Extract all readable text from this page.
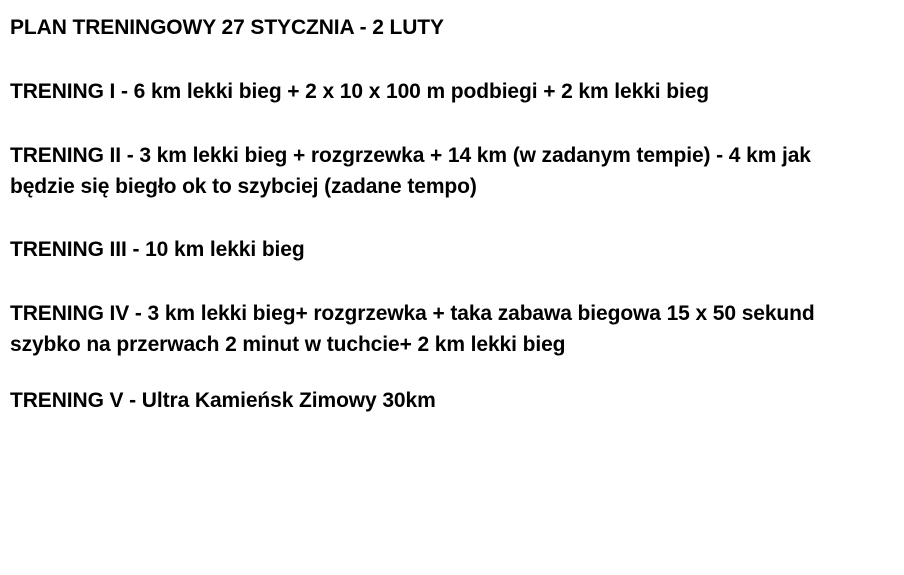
PLAN TRENINGOWY 27 STYCZNIA - 2 LUTY

TRENING I - 6 km lekki bieg + 2 x 10 x 100 m podbiegi + 2 km lekki bieg

TRENING II - 3 km lekki bieg + rozgrzewka + 14 km (w zadanym tempie) - 4 km jak będzie się biegło ok to szybciej (zadane tempo)

TRENING III - 10 km lekki bieg

TRENING IV - 3 km lekki bieg+ rozgrzewka + taka zabawa biegowa 15 x 50 sekund szybko na przerwach 2 minut w tuchcie+ 2 km lekki bieg

TRENING V - Ultra Kamieńsk Zimowy 30km
